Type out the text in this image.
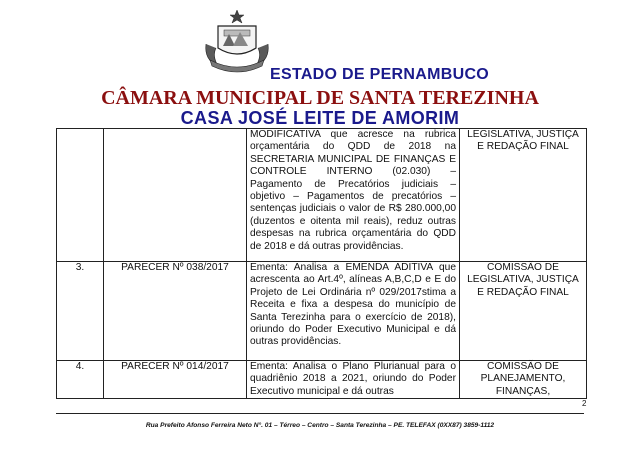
ESTADO DE PERNAMBUCO
CÂMARA MUNICIPAL DE SANTA TEREZINHA
CASA JOSÉ LEITE DE AMORIM
		MODIFICATIVA que acresce na rubrica orçamentária do QDD de 2018 na SECRETARIA MUNICIPAL DE FINANÇAS E CONTROLE INTERNO (02.030) – Pagamento de Precatórios judiciais – objetivo – Pagamentos de precatórios – sentenças judiciais o valor de R$ 280.000,00 (duzentos e oitenta mil reais), reduz outras despesas na rubrica orçamentária do QDD de 2018 e dá outras providências.	LEGISLATIVA, JUSTIÇA E REDAÇÃO FINAL
3.	PARECER Nº 038/2017	Ementa: Analisa a EMENDA ADITIVA que acrescenta ao Art.4º, alíneas A,B,C,D e E do Projeto de Lei Ordinária nº 029/2017stima a Receita e fixa a despesa do município de Santa Terezinha para o exercício de 2018), oriundo do Poder Executivo Municipal e dá outras providências.	COMISSÃO DE LEGISLATIVA, JUSTIÇA E REDAÇÃO FINAL
4.	PARECER Nº 014/2017	Ementa: Analisa o Plano Plurianual para o quadriênio 2018 a 2021, oriundo do Poder Executivo municipal e dá outras	COMISSÃO DE PLANEJAMENTO, FINANÇAS,
2
Rua Prefeito Afonso Ferreira Neto N°. 01 – Térreo – Centro – Santa Terezinha – PE. TELEFAX (0XX87) 3859-1112
